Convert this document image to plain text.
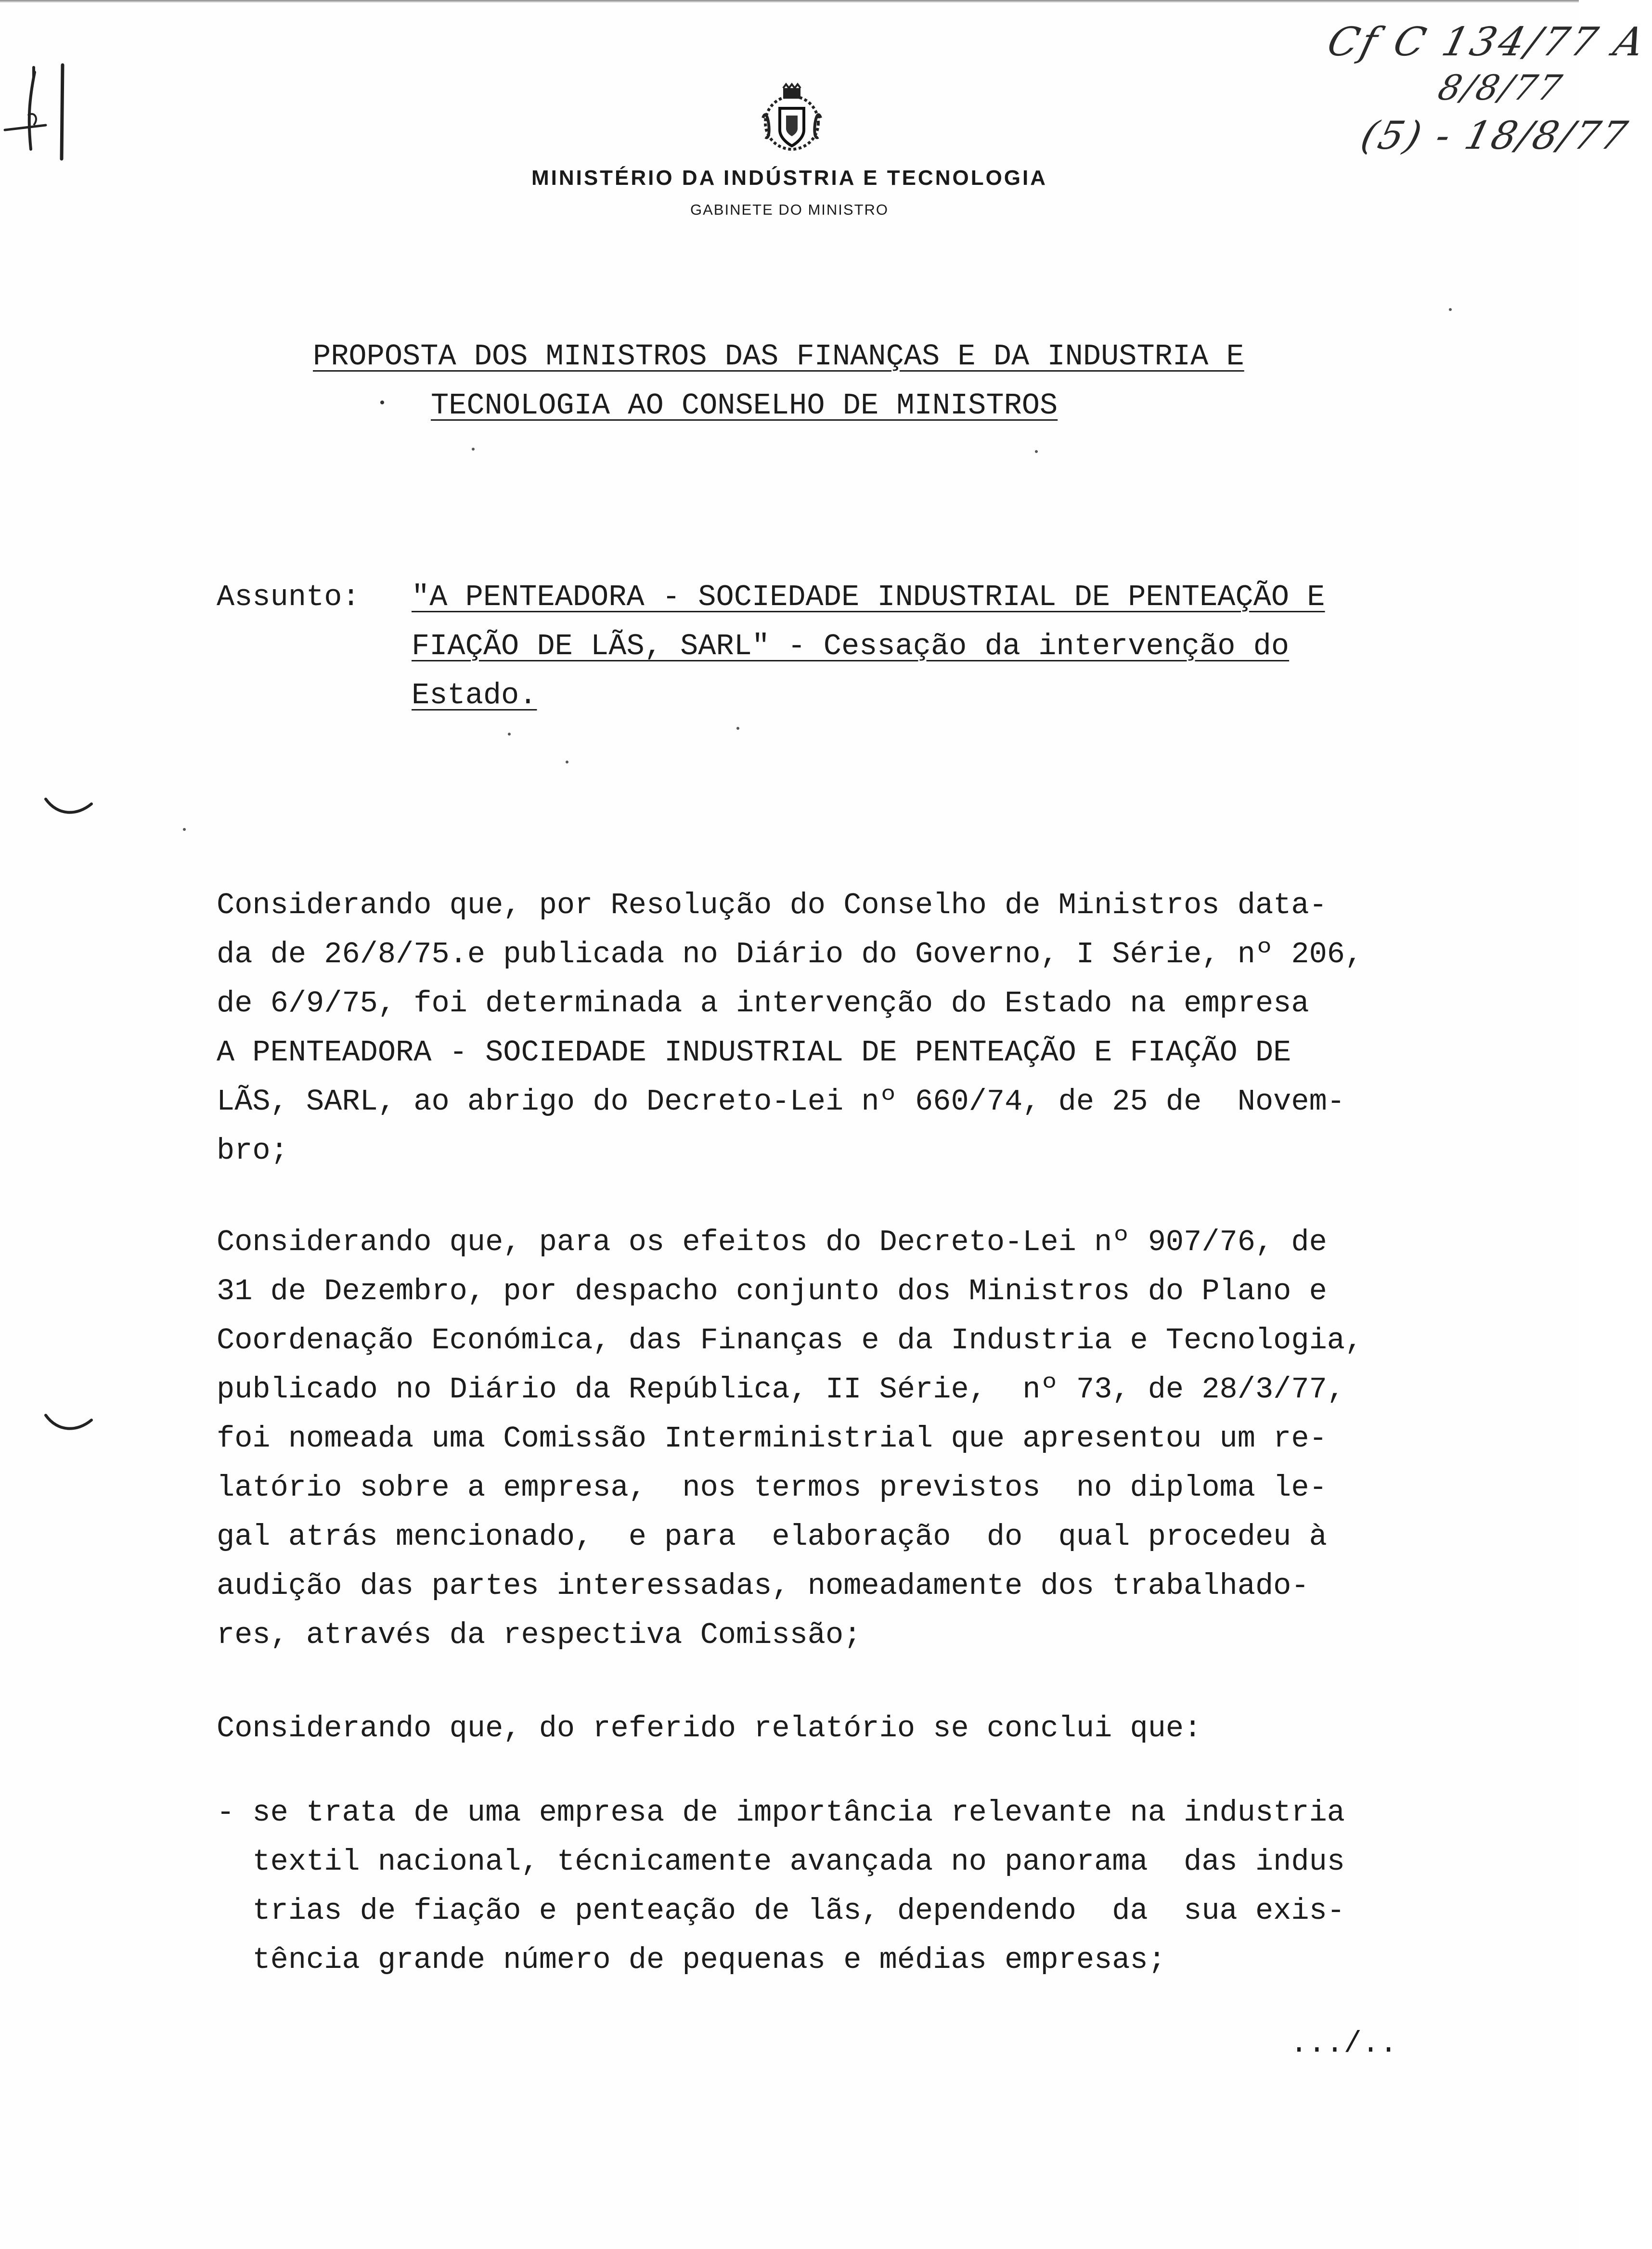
Cf C 134/77 A
8/8/77
(5) - 18/8/77
MINISTÉRIO DA INDÚSTRIA E TECNOLOGIA
GABINETE DO MINISTRO
PROPOSTA DOS MINISTROS DAS FINANÇAS E DA INDUSTRIA E
TECNOLOGIA AO CONSELHO DE MINISTROS
Assunto: "A PENTEADORA - SOCIEDADE INDUSTRIAL DE PENTEAÇÃO E
FIAÇÃO DE LÃS, SARL" - Cessação da intervenção do
Estado.
Considerando que, por Resolução do Conselho de Ministros data-
da de 26/8/75.e publicada no Diário do Governo, I Série, nº 206,
de 6/9/75, foi determinada a intervenção do Estado na empresa
A PENTEADORA - SOCIEDADE INDUSTRIAL DE PENTEAÇÃO E FIAÇÃO DE
LÃS, SARL, ao abrigo do Decreto-Lei nº 660/74, de 25 de  Novem-
bro;
Considerando que, para os efeitos do Decreto-Lei nº 907/76, de
31 de Dezembro, por despacho conjunto dos Ministros do Plano e
Coordenação Económica, das Finanças e da Industria e Tecnologia,
publicado no Diário da República, II Série,  nº 73, de 28/3/77,
foi nomeada uma Comissão Interministrial que apresentou um re-
latório sobre a empresa,  nos termos previstos  no diploma le-
gal atrás mencionado,  e para  elaboração  do  qual procedeu à
audição das partes interessadas, nomeadamente dos trabalhado-
res, através da respectiva Comissão;
Considerando que, do referido relatório se conclui que:
- se trata de uma empresa de importância relevante na industria
textil nacional, técnicamente avançada no panorama  das indus
trias de fiação e penteação de lãs, dependendo  da  sua exis-
tência grande número de pequenas e médias empresas;
.../..
